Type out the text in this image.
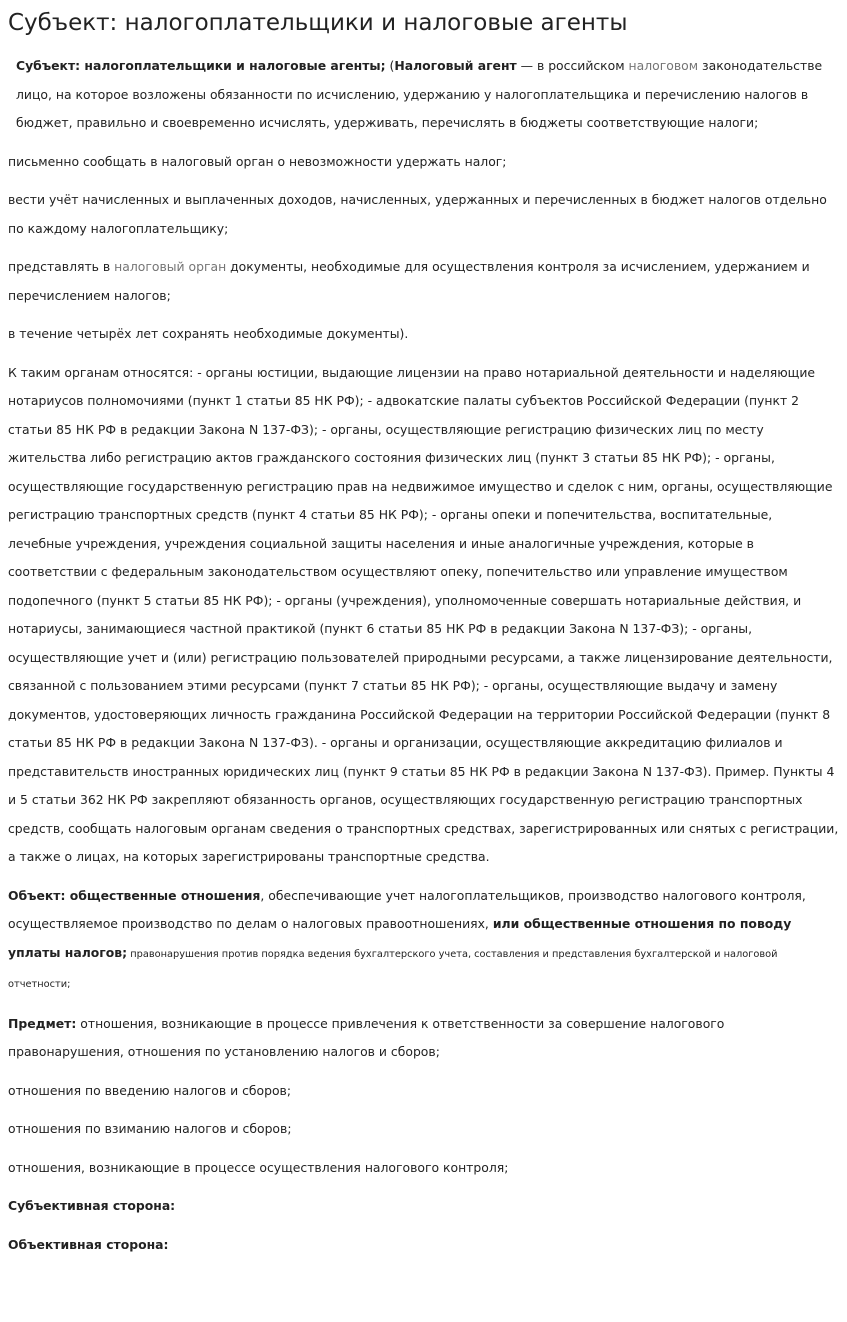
Субъект: налогоплательщики и налоговые агенты

Субъект: налогоплательщики и налоговые агенты; (Налоговый агент — в российском налоговом законодательстве лицо, на которое возложены обязанности по исчислению, удержанию у налогоплательщика и перечислению налогов в бюджет, правильно и своевременно исчислять, удерживать, перечислять в бюджеты соответствующие налоги;

письменно сообщать в налоговый орган о невозможности удержать налог;

вести учёт начисленных и выплаченных доходов, начисленных, удержанных и перечисленных в бюджет налогов отдельно по каждому налогоплательщику;

представлять в налоговый орган документы, необходимые для осуществления контроля за исчислением, удержанием и перечислением налогов;

в течение четырёх лет сохранять необходимые документы).

К таким органам относятся: - органы юстиции, выдающие лицензии на право нотариальной деятельности и наделяющие нотариусов полномочиями (пункт 1 статьи 85 НК РФ); - адвокатские палаты субъектов Российской Федерации (пункт 2 статьи 85 НК РФ в редакции Закона N 137-ФЗ); - органы, осуществляющие регистрацию физических лиц по месту жительства либо регистрацию актов гражданского состояния физических лиц (пункт 3 статьи 85 НК РФ); - органы, осуществляющие государственную регистрацию прав на недвижимое имущество и сделок с ним, органы, осуществляющие регистрацию транспортных средств (пункт 4 статьи 85 НК РФ); - органы опеки и попечительства, воспитательные, лечебные учреждения, учреждения социальной защиты населения и иные аналогичные учреждения, которые в соответствии с федеральным законодательством осуществляют опеку, попечительство или управление имуществом подопечного (пункт 5 статьи 85 НК РФ); - органы (учреждения), уполномоченные совершать нотариальные действия, и нотариусы, занимающиеся частной практикой (пункт 6 статьи 85 НК РФ в редакции Закона N 137-ФЗ); - органы, осуществляющие учет и (или) регистрацию пользователей природными ресурсами, а также лицензирование деятельности, связанной с пользованием этими ресурсами (пункт 7 статьи 85 НК РФ); - органы, осуществляющие выдачу и замену документов, удостоверяющих личность гражданина Российской Федерации на территории Российской Федерации (пункт 8 статьи 85 НК РФ в редакции Закона N 137-ФЗ). - органы и организации, осуществляющие аккредитацию филиалов и представительств иностранных юридических лиц (пункт 9 статьи 85 НК РФ в редакции Закона N 137-ФЗ). Пример. Пункты 4 и 5 статьи 362 НК РФ закрепляют обязанность органов, осуществляющих государственную регистрацию транспортных средств, сообщать налоговым органам сведения о транспортных средствах, зарегистрированных или снятых с регистрации, а также о лицах, на которых зарегистрированы транспортные средства.

Объект: общественные отношения, обеспечивающие учет налогоплательщиков, производство налогового контроля, осуществляемое производство по делам о налоговых правоотношениях, или общественные отношения по поводу уплаты налогов; правонарушения против порядка ведения бухгалтерского учета, составления и представления бухгалтерской и налоговой отчетности;

Предмет: отношения, возникающие в процессе привлечения к ответственности за совершение налогового правонарушения, отношения по установлению налогов и сборов;

отношения по введению налогов и сборов;

отношения по взиманию налогов и сборов;

отношения, возникающие в процессе осуществления налогового контроля;

Субъективная сторона:

Объективная сторона:
